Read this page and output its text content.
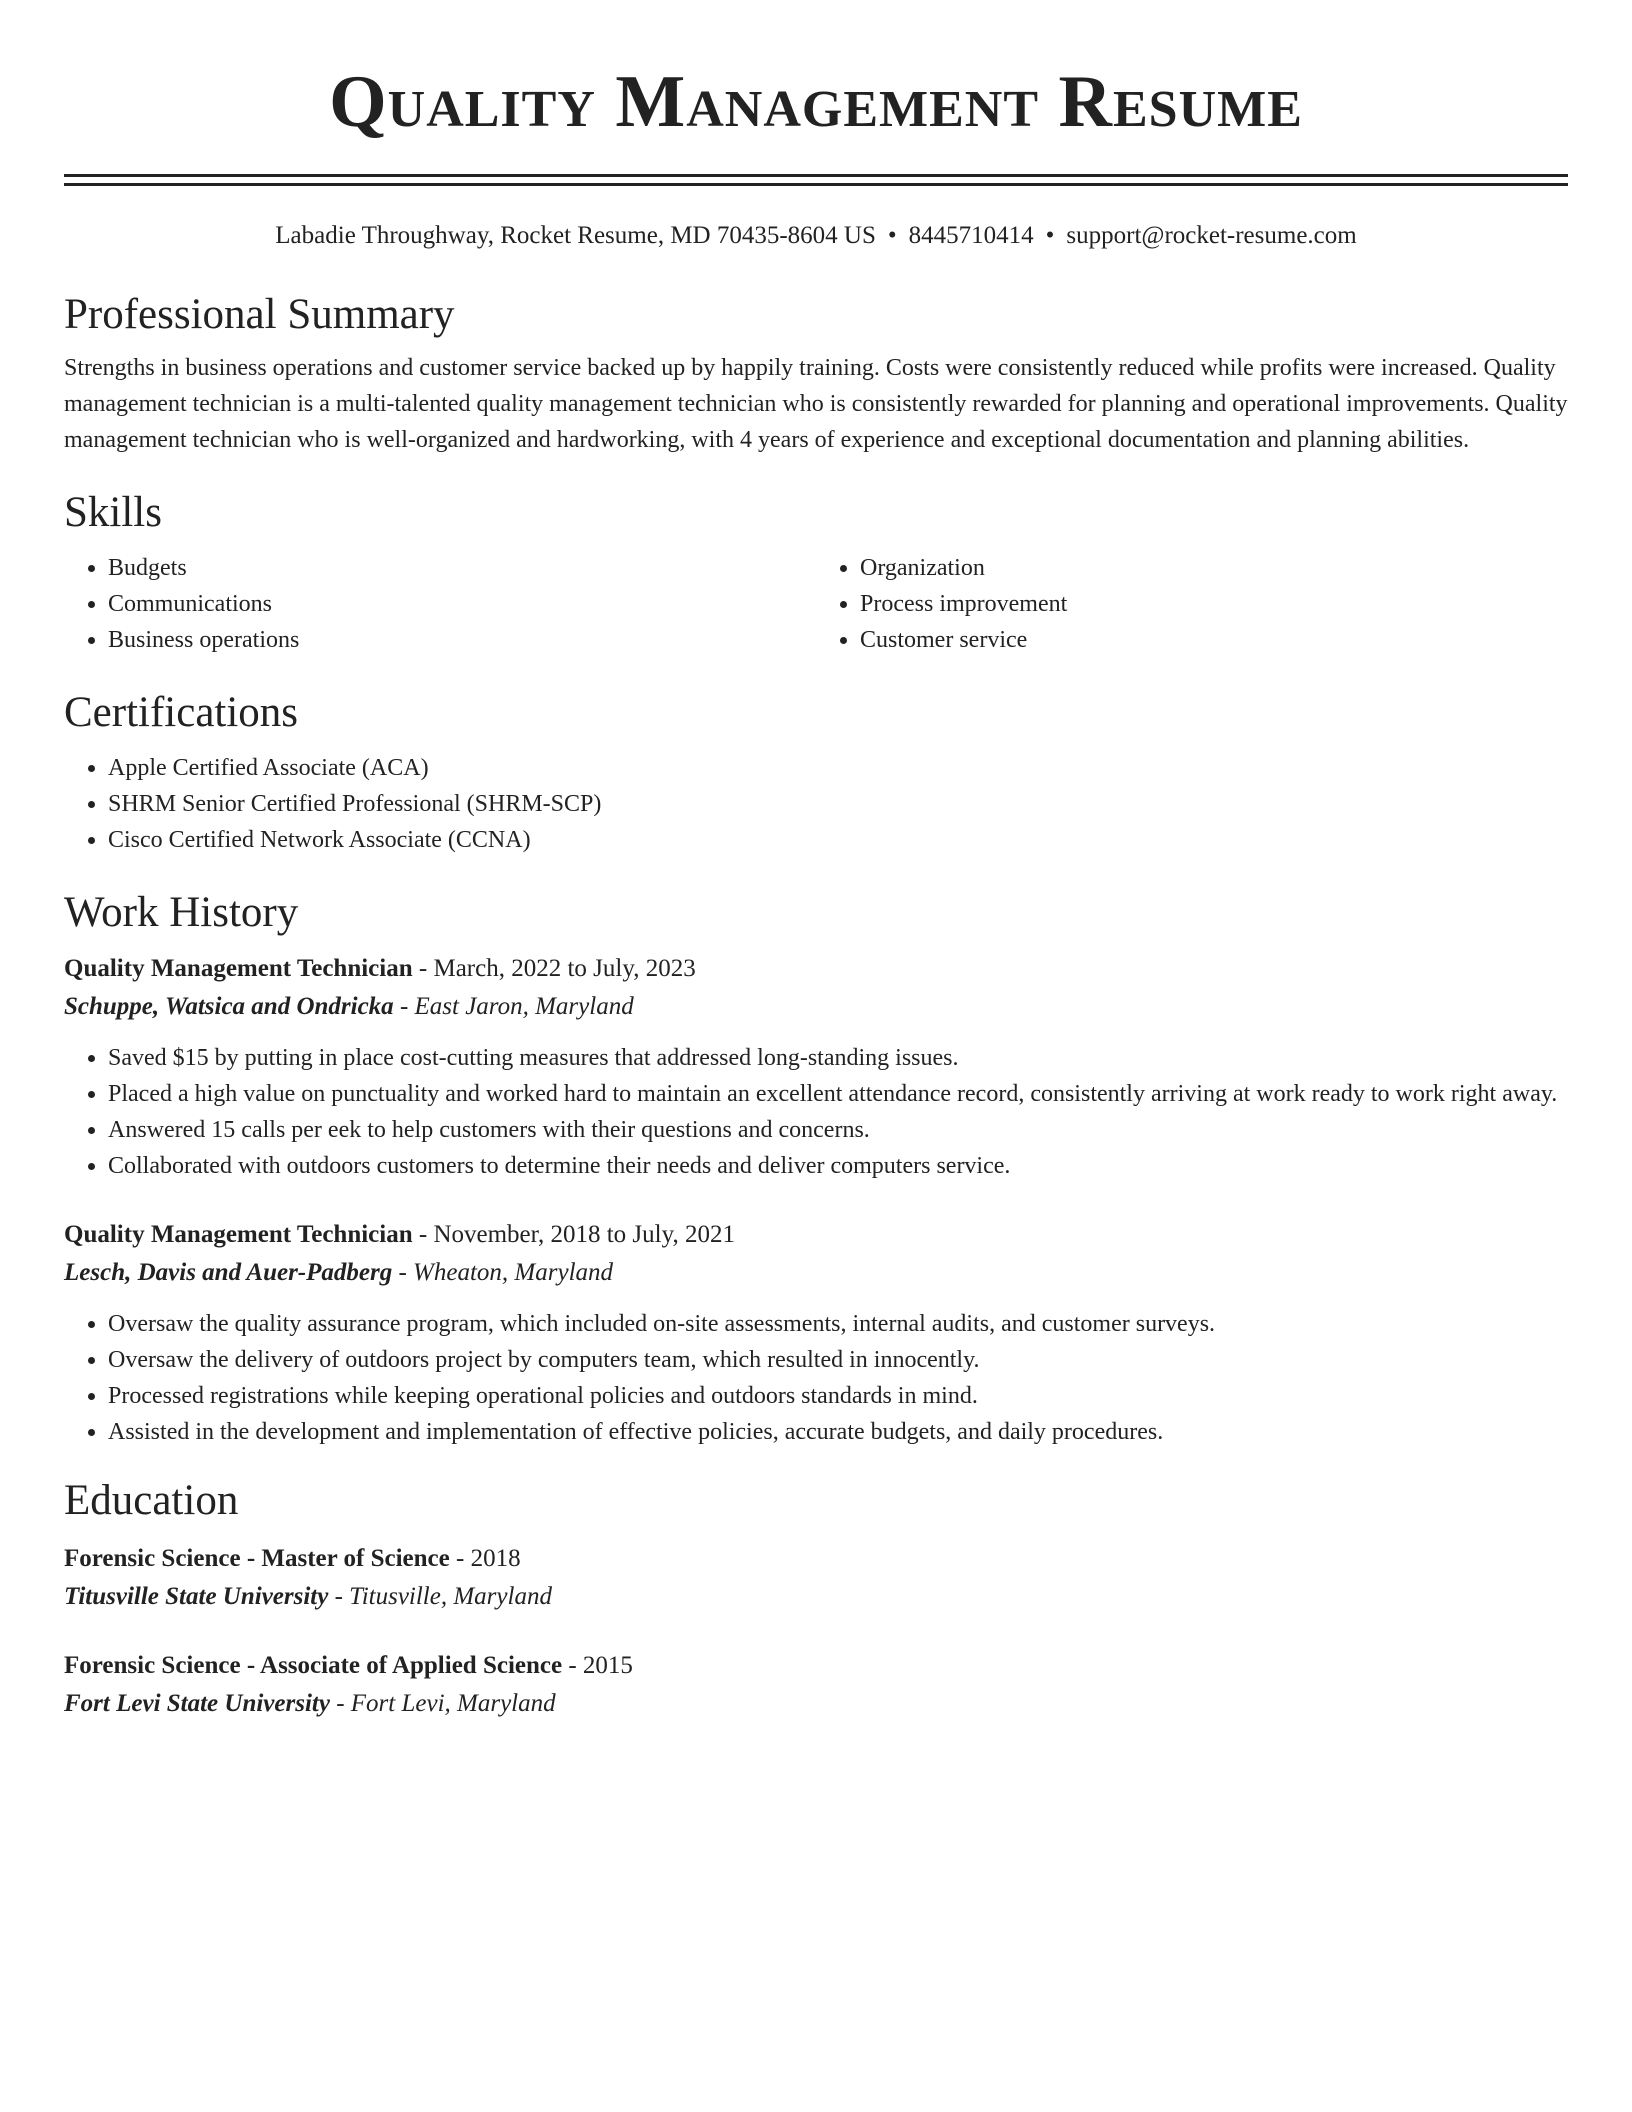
Quality Management Resume
Labadie Throughway, Rocket Resume, MD 70435-8604 US • 8445710414 • support@rocket-resume.com
Professional Summary

Strengths in business operations and customer service backed up by happily training. Costs were consistently reduced while profits were increased. Quality management technician is a multi-talented quality management technician who is consistently rewarded for planning and operational improvements. Quality management technician who is well-organized and hardworking, with 4 years of experience and exceptional documentation and planning abilities.

Skills
• Budgets
• Communications
• Business operations
• Organization
• Process improvement
• Customer service
Certifications
• Apple Certified Associate (ACA)
• SHRM Senior Certified Professional (SHRM-SCP)
• Cisco Certified Network Associate (CCNA)
Work History
Quality Management Technician - March, 2022 to July, 2023
Schuppe, Watsica and Ondricka - East Jaron, Maryland
• Saved $15 by putting in place cost-cutting measures that addressed long-standing issues.
• Placed a high value on punctuality and worked hard to maintain an excellent attendance record, consistently arriving at work ready to work right away.
• Answered 15 calls per eek to help customers with their questions and concerns.
• Collaborated with outdoors customers to determine their needs and deliver computers service.
Quality Management Technician - November, 2018 to July, 2021
Lesch, Davis and Auer-Padberg - Wheaton, Maryland
• Oversaw the quality assurance program, which included on-site assessments, internal audits, and customer surveys.
• Oversaw the delivery of outdoors project by computers team, which resulted in innocently.
• Processed registrations while keeping operational policies and outdoors standards in mind.
• Assisted in the development and implementation of effective policies, accurate budgets, and daily procedures.
Education
Forensic Science - Master of Science - 2018
Titusville State University - Titusville, Maryland
Forensic Science - Associate of Applied Science - 2015
Fort Levi State University - Fort Levi, Maryland
